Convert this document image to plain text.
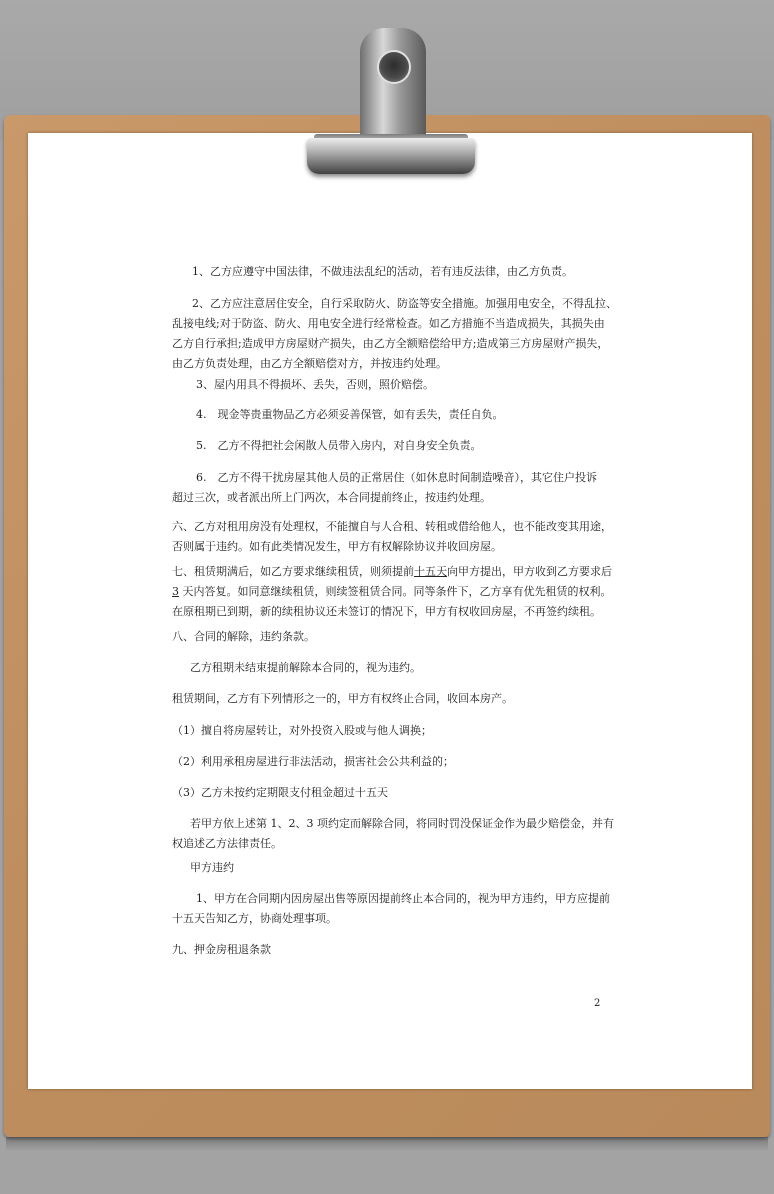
1、乙方应遵守中国法律，不做违法乱纪的活动，若有违反法律，由乙方负责。

2、乙方应注意居住安全，自行采取防火、防盗等安全措施。加强用电安全，不得乱拉、

乱接电线;对于防盗、防火、用电安全进行经常检查。如乙方措施不当造成损失，其损失由

乙方自行承担;造成甲方房屋财产损失，由乙方全额赔偿给甲方;造成第三方房屋财产损失，

由乙方负责处理，由乙方全额赔偿对方，并按违约处理。

3、屋内用具不得损坏、丢失，否则，照价赔偿。

4.　现金等贵重物品乙方必须妥善保管，如有丢失，责任自负。

5.　乙方不得把社会闲散人员带入房内，对自身安全负责。

6.　乙方不得干扰房屋其他人员的正常居住（如休息时间制造噪音），其它住户投诉

超过三次，或者派出所上门两次，本合同提前终止，按违约处理。

六、乙方对租用房没有处理权，不能擅自与人合租、转租或借给他人，也不能改变其用途，

否则属于违约。如有此类情况发生，甲方有权解除协议并收回房屋。

七、租赁期满后，如乙方要求继续租赁，则须提前十五天向甲方提出，甲方收到乙方要求后

3 天内答复。如同意继续租赁，则续签租赁合同。同等条件下，乙方享有优先租赁的权利。

在原租期已到期，新的续租协议还未签订的情况下，甲方有权收回房屋，不再签约续租。

八、合同的解除，违约条款。

乙方租期未结束提前解除本合同的，视为违约。

租赁期间，乙方有下列情形之一的，甲方有权终止合同，收回本房产。

（1）擅自将房屋转让，对外投资入股或与他人调换；

（2）利用承租房屋进行非法活动，损害社会公共利益的；

（3）乙方未按约定期限支付租金超过十五天

若甲方依上述第 1、2、3 项约定而解除合同，将同时罚没保证金作为最少赔偿金，并有

权追述乙方法律责任。

甲方违约

1、甲方在合同期内因房屋出售等原因提前终止本合同的，视为甲方违约，甲方应提前

十五天告知乙方，协商处理事项。

九、押金房租退条款

2
